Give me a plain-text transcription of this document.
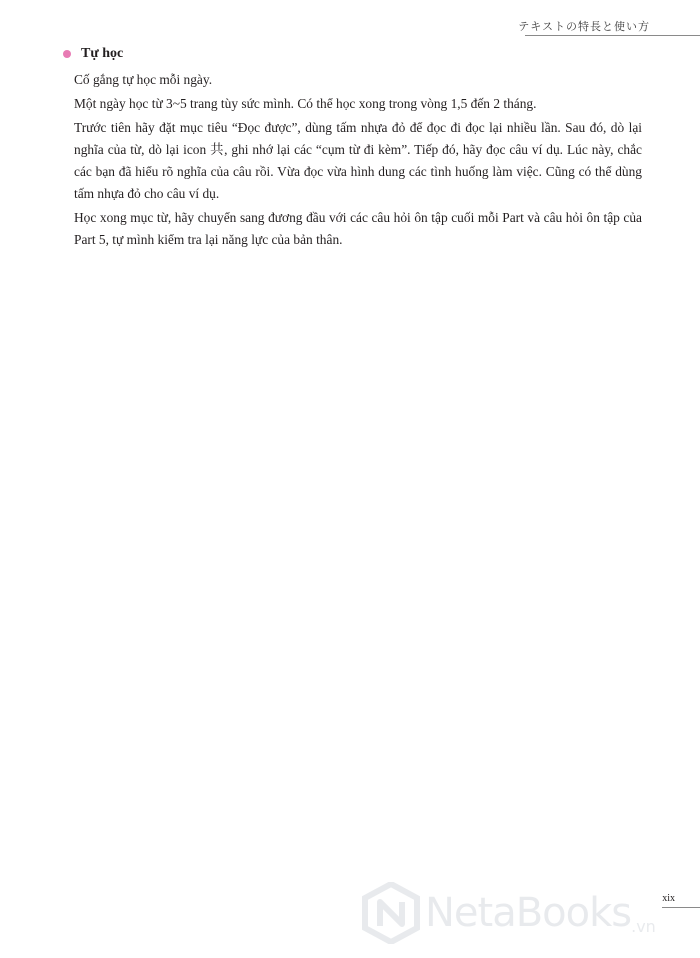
テキストの特長と使い方
Tự học

Cố gắng tự học mỗi ngày.

Một ngày học từ 3~5 trang tùy sức mình. Có thể học xong trong vòng 1,5 đến 2 tháng.

Trước tiên hãy đặt mục tiêu “Đọc được”, dùng tấm nhựa đỏ để đọc đi đọc lại nhiều lần. Sau đó, dò lại nghĩa của từ, dò lại icon 共, ghi nhớ lại các “cụm từ đi kèm”. Tiếp đó, hãy đọc câu ví dụ. Lúc này, chắc các bạn đã hiểu rõ nghĩa của câu rồi. Vừa đọc vừa hình dung các tình huống làm việc. Cũng có thể dùng tấm nhựa đỏ cho câu ví dụ.

Học xong mục từ, hãy chuyển sang đương đầu với các câu hỏi ôn tập cuối mỗi Part và câu hỏi ôn tập của Part 5, tự mình kiểm tra lại năng lực của bản thân.

NetaBooks .vn
xix
